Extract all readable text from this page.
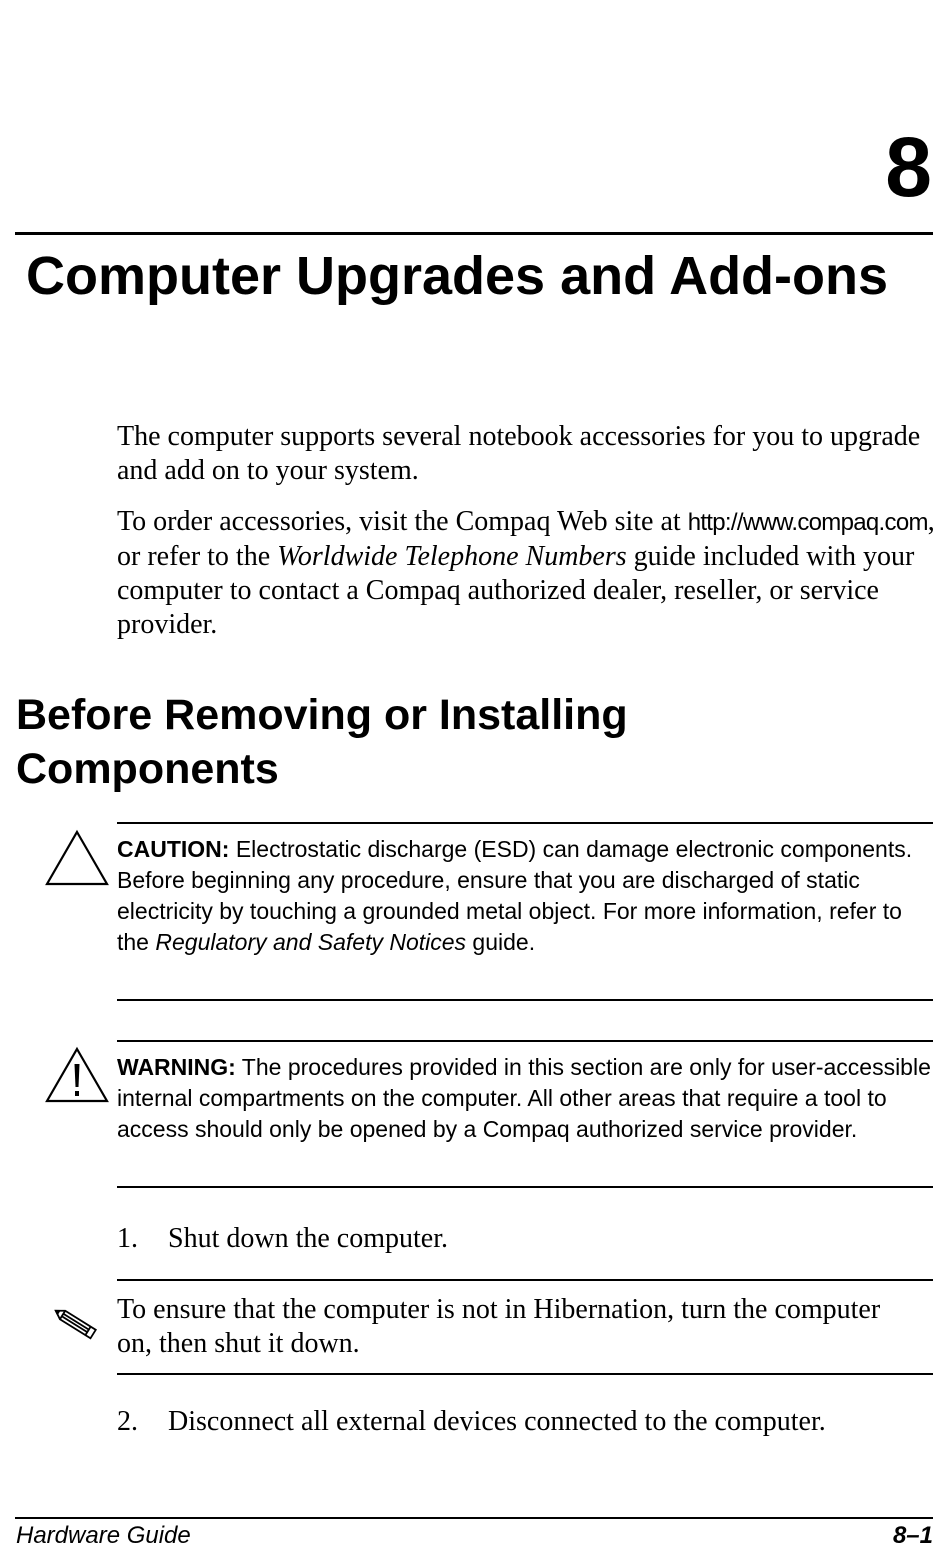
8
Computer Upgrades and Add-ons
The computer supports several notebook accessories for you to upgrade and add on to your system.
To order accessories, visit the Compaq Web site at http://www.compaq.com, or refer to the Worldwide Telephone Numbers guide included with your computer to contact a Compaq authorized dealer, reseller, or service provider.
Before Removing or Installing
Components
CAUTION: Electrostatic discharge (ESD) can damage electronic components. Before beginning any procedure, ensure that you are discharged of static electricity by touching a grounded metal object. For more information, refer to the Regulatory and Safety Notices guide.
WARNING: The procedures provided in this section are only for user-accessible internal compartments on the computer. All other areas that require a tool to access should only be opened by a Compaq authorized service provider.
1. Shut down the computer.
To ensure that the computer is not in Hibernation, turn the computer on, then shut it down.
2. Disconnect all external devices connected to the computer.
Hardware Guide	8–1
